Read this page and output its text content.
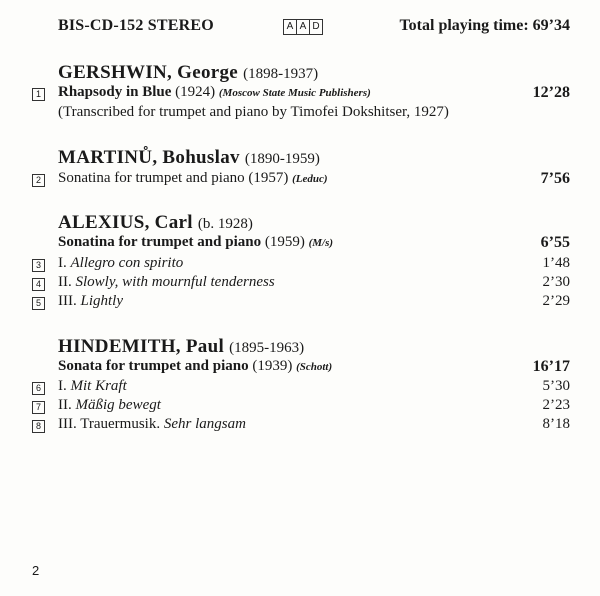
BIS-CD-152 STEREO	A A D	Total playing time: 69’34
GERSHWIN, George (1898-1937)
1 Rhapsody in Blue (1924) (Moscow State Music Publishers)	12’28
(Transcribed for trumpet and piano by Timofei Dokshitser, 1927)
MARTINŮ, Bohuslav (1890-1959)
2 Sonatina for trumpet and piano (1957) (Leduc)	7’56
ALEXIUS, Carl (b. 1928)
Sonatina for trumpet and piano (1959) (M/s)	6’55
3 I. Allegro con spirito	1’48
4 II. Slowly, with mournful tenderness	2’30
5 III. Lightly	2’29
HINDEMITH, Paul (1895-1963)
Sonata for trumpet and piano (1939) (Schott)	16’17
6 I. Mit Kraft	5’30
7 II. Mäßig bewegt	2’23
8 III. Trauermusik. Sehr langsam	8’18
2
